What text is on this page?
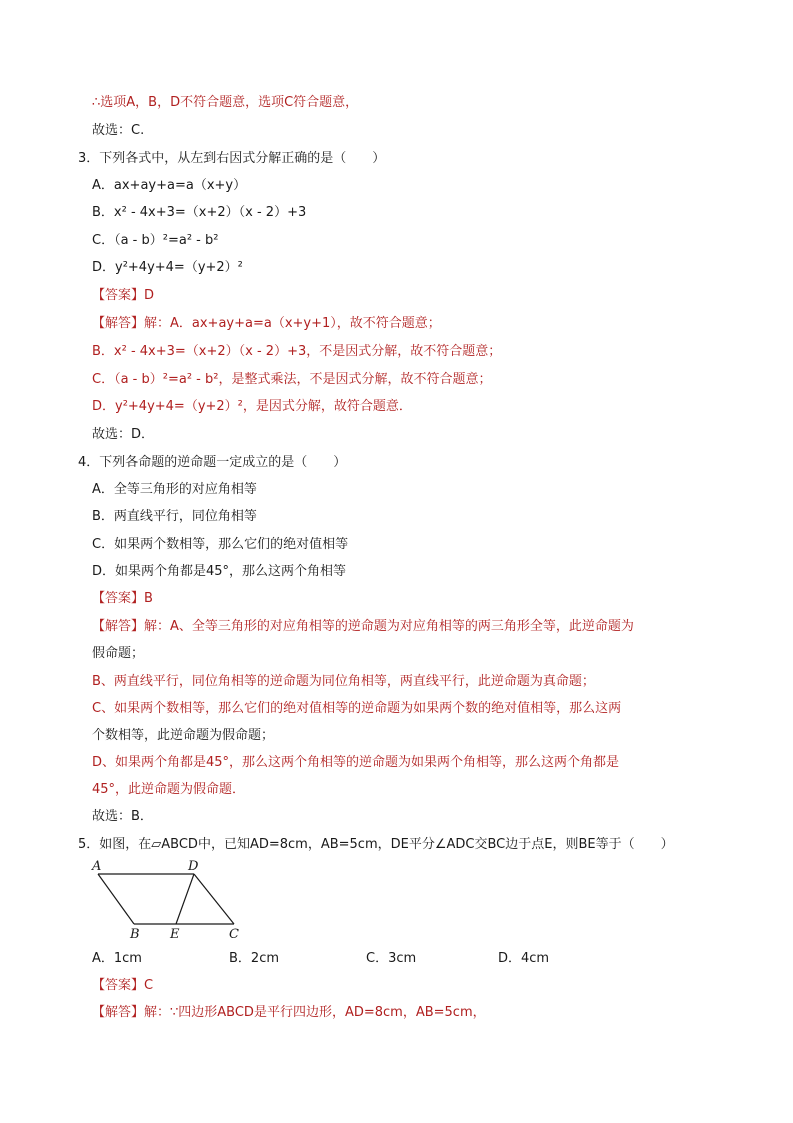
∴选项A，B，D不符合题意，选项C符合题意，
故选：C.
3．下列各式中，从左到右因式分解正确的是（　　）
A．ax+ay+a=a（x+y）
B．x² - 4x+3=（x+2）（x - 2）+3
C．（a - b）²=a² - b²
D．y²+4y+4=（y+2）²
【答案】D
【解答】解：A．ax+ay+a=a（x+y+1），故不符合题意；
B．x² - 4x+3=（x+2）（x - 2）+3，不是因式分解，故不符合题意；
C．（a - b）²=a² - b²，是整式乘法，不是因式分解，故不符合题意；
D．y²+4y+4=（y+2）²，是因式分解，故符合题意．
故选：D．
4．下列各命题的逆命题一定成立的是（　　）
A．全等三角形的对应角相等
B．两直线平行，同位角相等
C．如果两个数相等，那么它们的绝对值相等
D．如果两个角都是45°，那么这两个角相等
【答案】B
【解答】解：A、全等三角形的对应角相等的逆命题为对应角相等的两三角形全等，此逆命题为
假命题；
B、两直线平行，同位角相等的逆命题为同位角相等，两直线平行，此逆命题为真命题；
C、如果两个数相等，那么它们的绝对值相等的逆命题为如果两个数的绝对值相等，那么这两
个数相等，此逆命题为假命题；
D、如果两个角都是45°，那么这两个角相等的逆命题为如果两个角相等，那么这两个角都是
45°，此逆命题为假命题．
故选：B．
5．如图，在▱ABCD中，已知AD=8cm，AB=5cm，DE平分∠ADC交BC边于点E，则BE等于（　　）
A	D
B E	C
A．1cm	B．2cm	C．3cm	D．4cm
【答案】C
【解答】解：∵四边形ABCD是平行四边形，AD=8cm，AB=5cm，
